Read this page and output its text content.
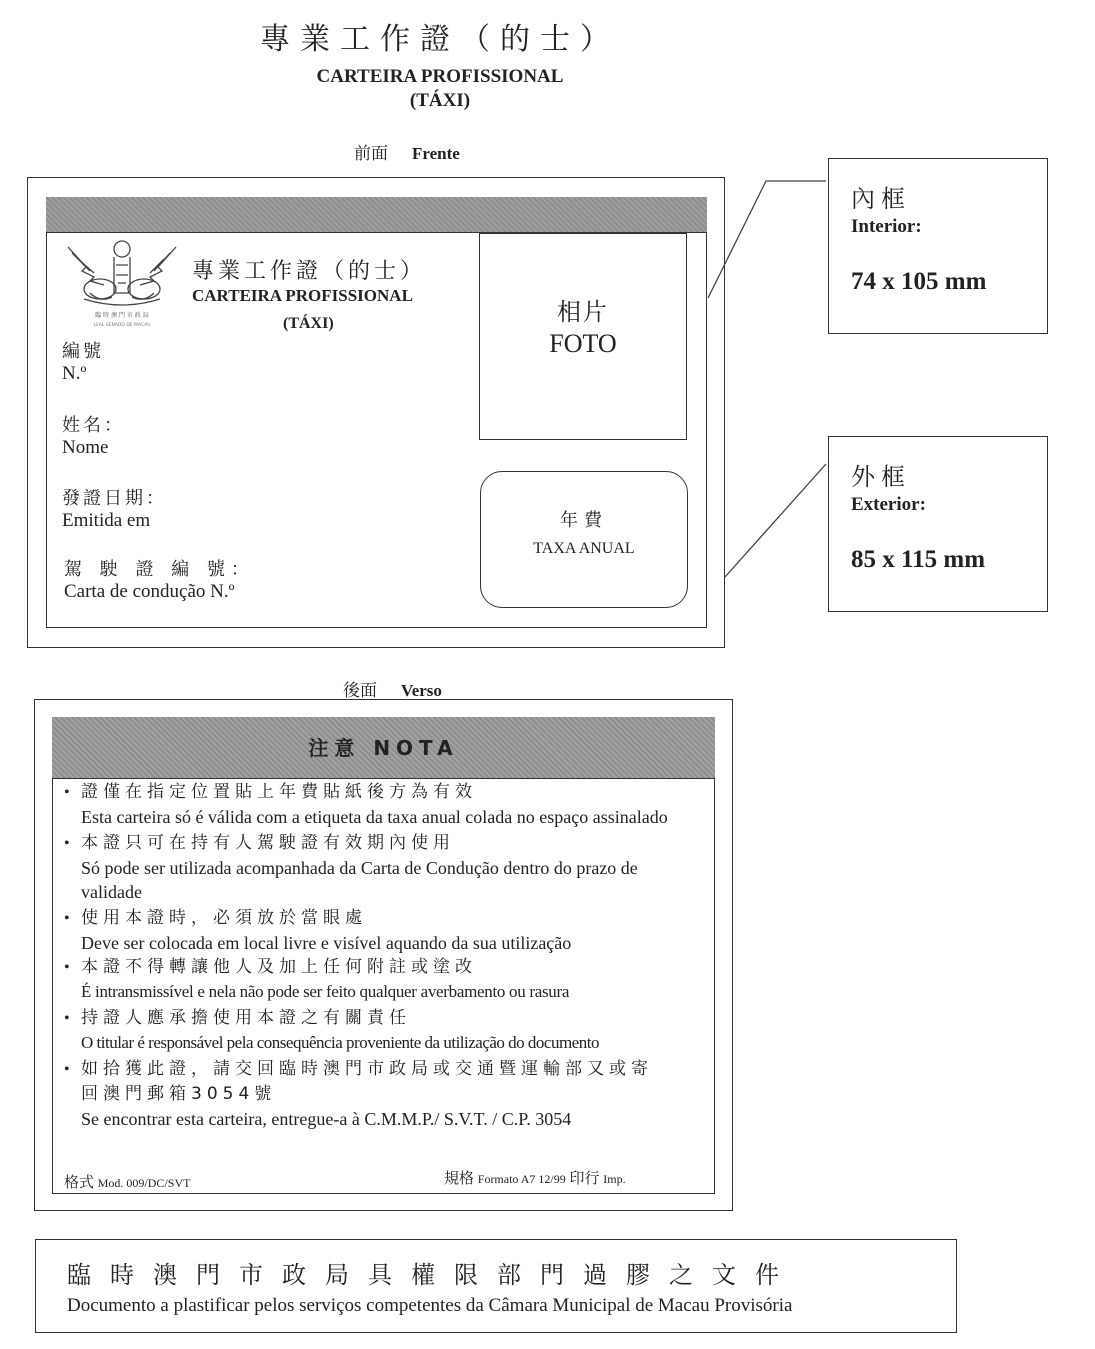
專業工作證（的士）
CARTEIRA PROFISSIONAL
(TÁXI)
前面 Frente
臨 時 澳 門 市 政 局
LEAL SENADO DE MACAU
專業工作證（的士）
CARTEIRA PROFISSIONAL
(TÁXI)
編號
N.º
姓名：
Nome
發證日期：
Emitida em
駕 駛 證 編 號：
Carta de condução N.º
相片
FOTO
年費
TAXA ANUAL
內框
Interior:
74 x 105 mm
外框
Exterior:
85 x 115 mm
後面 Verso
注意 NOTA
• 證僅在指定位置貼上年費貼紙後方為有效
Esta carteira só é válida com a etiqueta da taxa anual colada no espaço assinalado
• 本證只可在持有人駕駛證有效期內使用
Só pode ser utilizada acompanhada da Carta de Condução dentro do prazo de validade
• 使用本證時，必須放於當眼處
Deve ser colocada em local livre e visível aquando da sua utilização
• 本證不得轉讓他人及加上任何附註或塗改
É intransmissível e nela não pode ser feito qualquer averbamento ou rasura
• 持證人應承擔使用本證之有關責任
O titular é responsável pela consequência proveniente da utilização do documento
• 如拾獲此證，請交回臨時澳門市政局或交通暨運輸部又或寄回澳門郵箱3054號
Se encontrar esta carteira, entregue-a à C.M.M.P./ S.V.T. / C.P. 3054
格式 Mod. 009/DC/SVT	規格 Formato A7 12/99 印行 Imp.
臨時澳門市政局具權限部門過膠之文件
Documento a plastificar pelos serviços competentes da Câmara Municipal de Macau Provisória
